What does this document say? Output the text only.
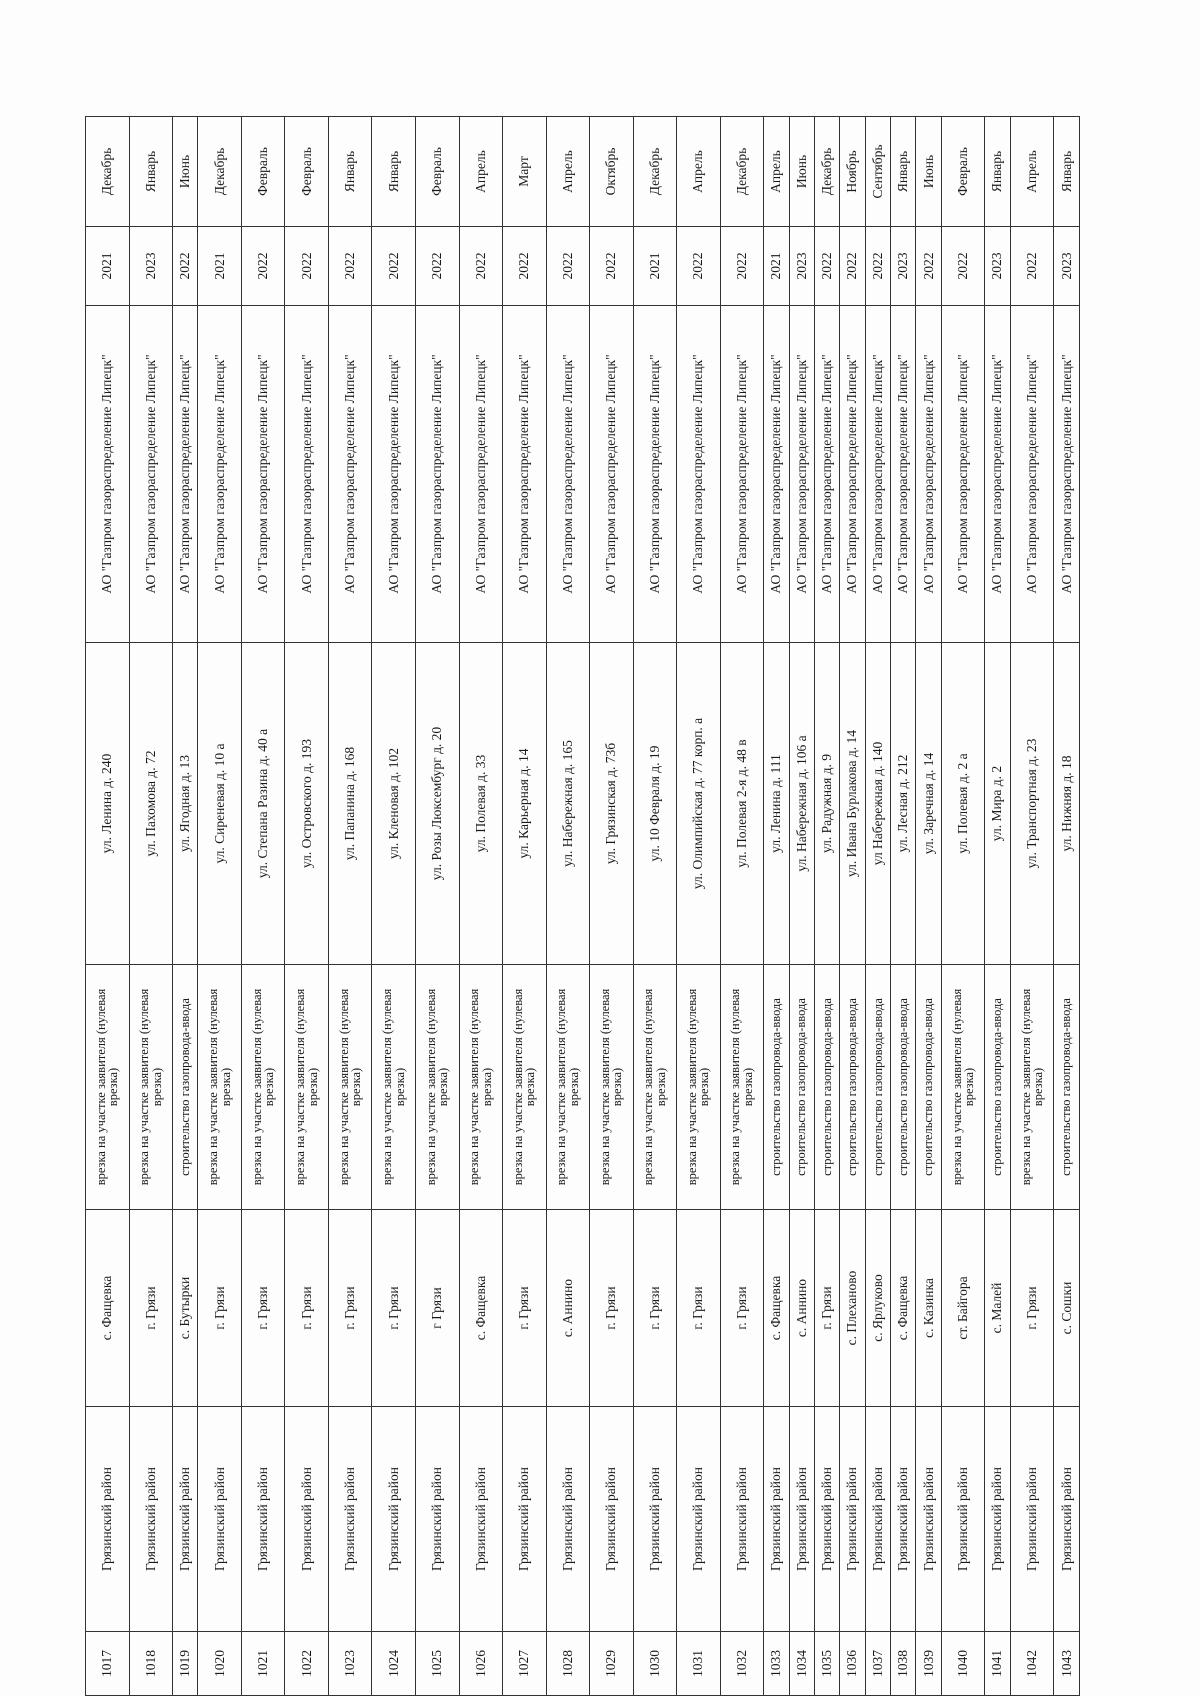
1017	Грязинский район	с. Фащевка	врезка на участке заявителя (нулевая врезка)	ул. Ленина д. 240	АО "Газпром газораспределение Липецк"	2021	Декабрь
1018	Грязинский район	г. Грязи	врезка на участке заявителя (нулевая врезка)	ул. Пахомова д. 72	АО "Газпром газораспределение Липецк"	2023	Январь
1019	Грязинский район	с. Бутырки	строительство газопровода-ввода	ул. Ягодная д. 13	АО "Газпром газораспределение Липецк"	2022	Июнь
1020	Грязинский район	г. Грязи	врезка на участке заявителя (нулевая врезка)	ул. Сиреневая д. 10 а	АО "Газпром газораспределение Липецк"	2021	Декабрь
1021	Грязинский район	г. Грязи	врезка на участке заявителя (нулевая врезка)	ул. Степана Разина д. 40 а	АО "Газпром газораспределение Липецк"	2022	Февраль
1022	Грязинский район	г. Грязи	врезка на участке заявителя (нулевая врезка)	ул. Островского д. 193	АО "Газпром газораспределение Липецк"	2022	Февраль
1023	Грязинский район	г. Грязи	врезка на участке заявителя (нулевая врезка)	ул. Папанина д. 168	АО "Газпром газораспределение Липецк"	2022	Январь
1024	Грязинский район	г. Грязи	врезка на участке заявителя (нулевая врезка)	ул. Кленовая д. 102	АО "Газпром газораспределение Липецк"	2022	Январь
1025	Грязинский район	г Грязи	врезка на участке заявителя (нулевая врезка)	ул. Розы Люксембург д. 20	АО "Газпром газораспределение Липецк"	2022	Февраль
1026	Грязинский район	с. Фащевка	врезка на участке заявителя (нулевая врезка)	ул. Полевая д. 33	АО "Газпром газораспределение Липецк"	2022	Апрель
1027	Грязинский район	г. Грязи	врезка на участке заявителя (нулевая врезка)	ул. Карьерная д. 14	АО "Газпром газораспределение Липецк"	2022	Март
1028	Грязинский район	с. Аннино	врезка на участке заявителя (нулевая врезка)	ул. Набережная д. 165	АО "Газпром газораспределение Липецк"	2022	Апрель
1029	Грязинский район	г. Грязи	врезка на участке заявителя (нулевая врезка)	ул. Грязинская д. 73б	АО "Газпром газораспределение Липецк"	2022	Октябрь
1030	Грязинский район	г. Грязи	врезка на участке заявителя (нулевая врезка)	ул. 10 Февраля д. 19	АО "Газпром газораспределение Липецк"	2021	Декабрь
1031	Грязинский район	г. Грязи	врезка на участке заявителя (нулевая врезка)	ул. Олимпийская д. 77 корп. а	АО "Газпром газораспределение Липецк"	2022	Апрель
1032	Грязинский район	г. Грязи	врезка на участке заявителя (нулевая врезка)	ул. Полевая 2-я д. 48 в	АО "Газпром газораспределение Липецк"	2022	Декабрь
1033	Грязинский район	с. Фащевка	строительство газопровода-ввода	ул. Ленина д. 111	АО "Газпром газораспределение Липецк"	2021	Апрель
1034	Грязинский район	с. Аннино	строительство газопровода-ввода	ул. Набережная д. 106 а	АО "Газпром газораспределение Липецк"	2023	Июнь
1035	Грязинский район	г. Грязи	строительство газопровода-ввода	ул. Радужная д. 9	АО "Газпром газораспределение Липецк"	2022	Декабрь
1036	Грязинский район	с. Плеханово	строительство газопровода-ввода	ул. Ивана Бурлакова д. 14	АО "Газпром газораспределение Липецк"	2022	Ноябрь
1037	Грязинский район	с. Ярлуково	строительство газопровода-ввода	ул Набережная д. 140	АО "Газпром газораспределение Липецк"	2022	Сентябрь
1038	Грязинский район	с. Фащевка	строительство газопровода-ввода	ул. Лесная д. 212	АО "Газпром газораспределение Липецк"	2023	Январь
1039	Грязинский район	с. Казинка	строительство газопровода-ввода	ул. Заречная д. 14	АО "Газпром газораспределение Липецк"	2022	Июнь
1040	Грязинский район	ст. Байгора	врезка на участке заявителя (нулевая врезка)	ул. Полевая д. 2 а	АО "Газпром газораспределение Липецк"	2022	Февраль
1041	Грязинский район	с. Малей	строительство газопровода-ввода	ул. Мира д. 2	АО "Газпром газораспределение Липецк"	2023	Январь
1042	Грязинский район	г. Грязи	врезка на участке заявителя (нулевая врезка)	ул. Транспортная д. 23	АО "Газпром газораспределение Липецк"	2022	Апрель
1043	Грязинский район	с. Сошки	строительство газопровода-ввода	ул. Нижняя д. 18	АО "Газпром газораспределение Липецк"	2023	Январь
